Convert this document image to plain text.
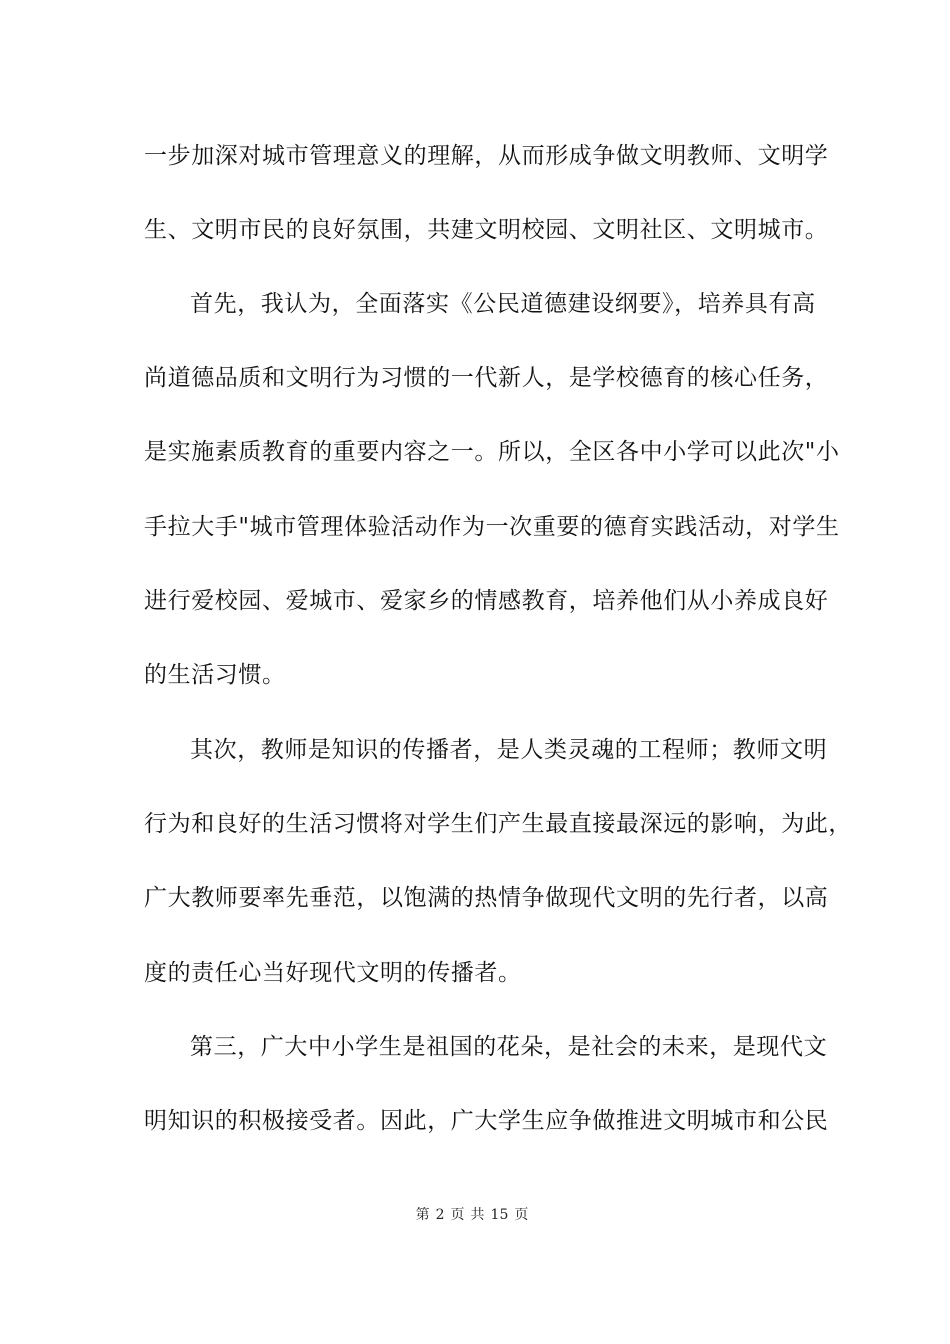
一步加深对城市管理意义的理解，从而形成争做文明教师、文明学
生、文明市民的良好氛围，共建文明校园、文明社区、文明城市。
首先，我认为，全面落实《公民道德建设纲要》，培养具有高
尚道德品质和文明行为习惯的一代新人，是学校德育的核心任务，
是实施素质教育的重要内容之一。所以，全区各中小学可以此次"小
手拉大手"城市管理体验活动作为一次重要的德育实践活动，对学生
进行爱校园、爱城市、爱家乡的情感教育，培养他们从小养成良好
的生活习惯。
其次，教师是知识的传播者，是人类灵魂的工程师；教师文明
行为和良好的生活习惯将对学生们产生最直接最深远的影响，为此，
广大教师要率先垂范，以饱满的热情争做现代文明的先行者，以高
度的责任心当好现代文明的传播者。
第三，广大中小学生是祖国的花朵，是社会的未来，是现代文
明知识的积极接受者。因此，广大学生应争做推进文明城市和公民
第 2 页 共 15 页
